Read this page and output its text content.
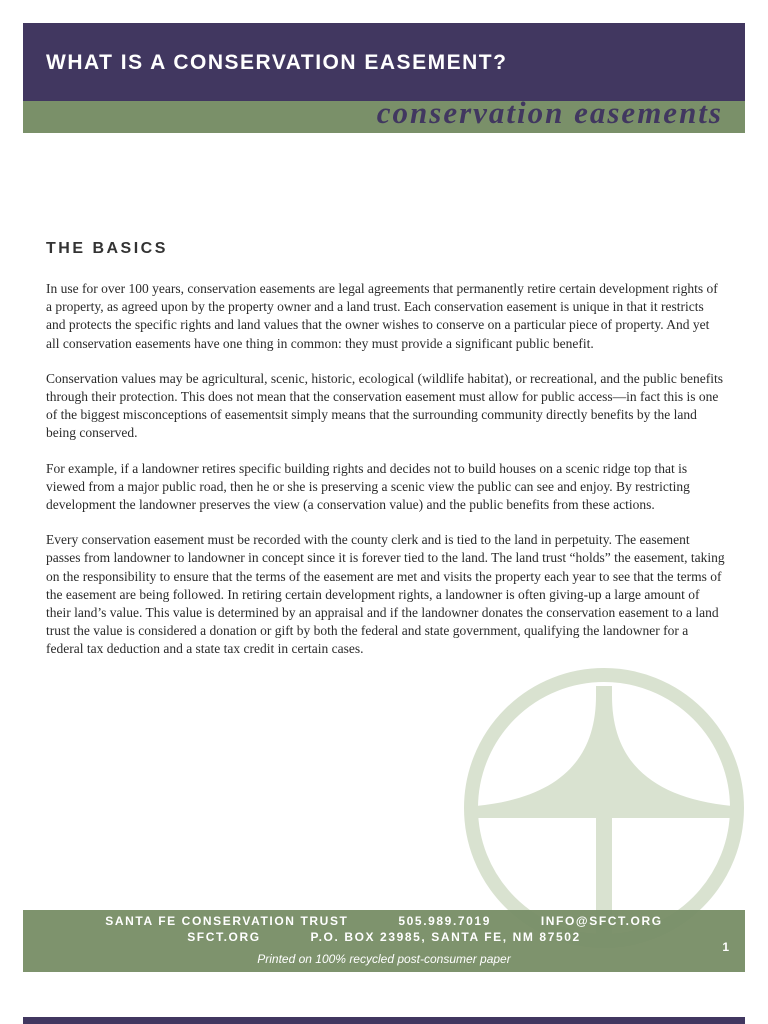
WHAT IS A CONSERVATION EASEMENT?
conservation easements
THE BASICS

In use for over 100 years, conservation easements are legal agreements that permanently retire certain development rights of a property, as agreed upon by the property owner and a land trust. Each conservation easement is unique in that it restricts and protects the specific rights and land values that the owner wishes to conserve on a particular piece of property. And yet all conservation easements have one thing in common: they must provide a significant public benefit.

Conservation values may be agricultural, scenic, historic, ecological (wildlife habitat), or recreational, and the public benefits through their protection. This does not mean that the conservation easement must allow for public access—in fact this is one of the biggest misconceptions of easementsit simply means that the surrounding community directly benefits by the land being conserved.

For example, if a landowner retires specific building rights and decides not to build houses on a scenic ridge top that is viewed from a major public road, then he or she is preserving a scenic view the public can see and enjoy. By restricting development the landowner preserves the view (a conservation value) and the public benefits from these actions.

Every conservation easement must be recorded with the county clerk and is tied to the land in perpetuity. The easement passes from landowner to landowner in concept since it is forever tied to the land. The land trust “holds” the easement, taking on the responsibility to ensure that the terms of the easement are met and visits the property each year to see that the terms of the easement are being followed. In retiring certain development rights, a landowner is often giving-up a large amount of their land’s value. This value is determined by an appraisal and if the landowner donates the conservation easement to a land trust the value is considered a donation or gift by both the federal and state government, qualifying the landowner for a federal tax deduction and a state tax credit in certain cases.

SANTA FE CONSERVATION TRUST	505.989.7019	INFO@SFCT.ORG
SFCT.ORG	P.O. BOX 23985, SANTA FE, NM 87502
Printed on 100% recycled post-consumer paper
1
